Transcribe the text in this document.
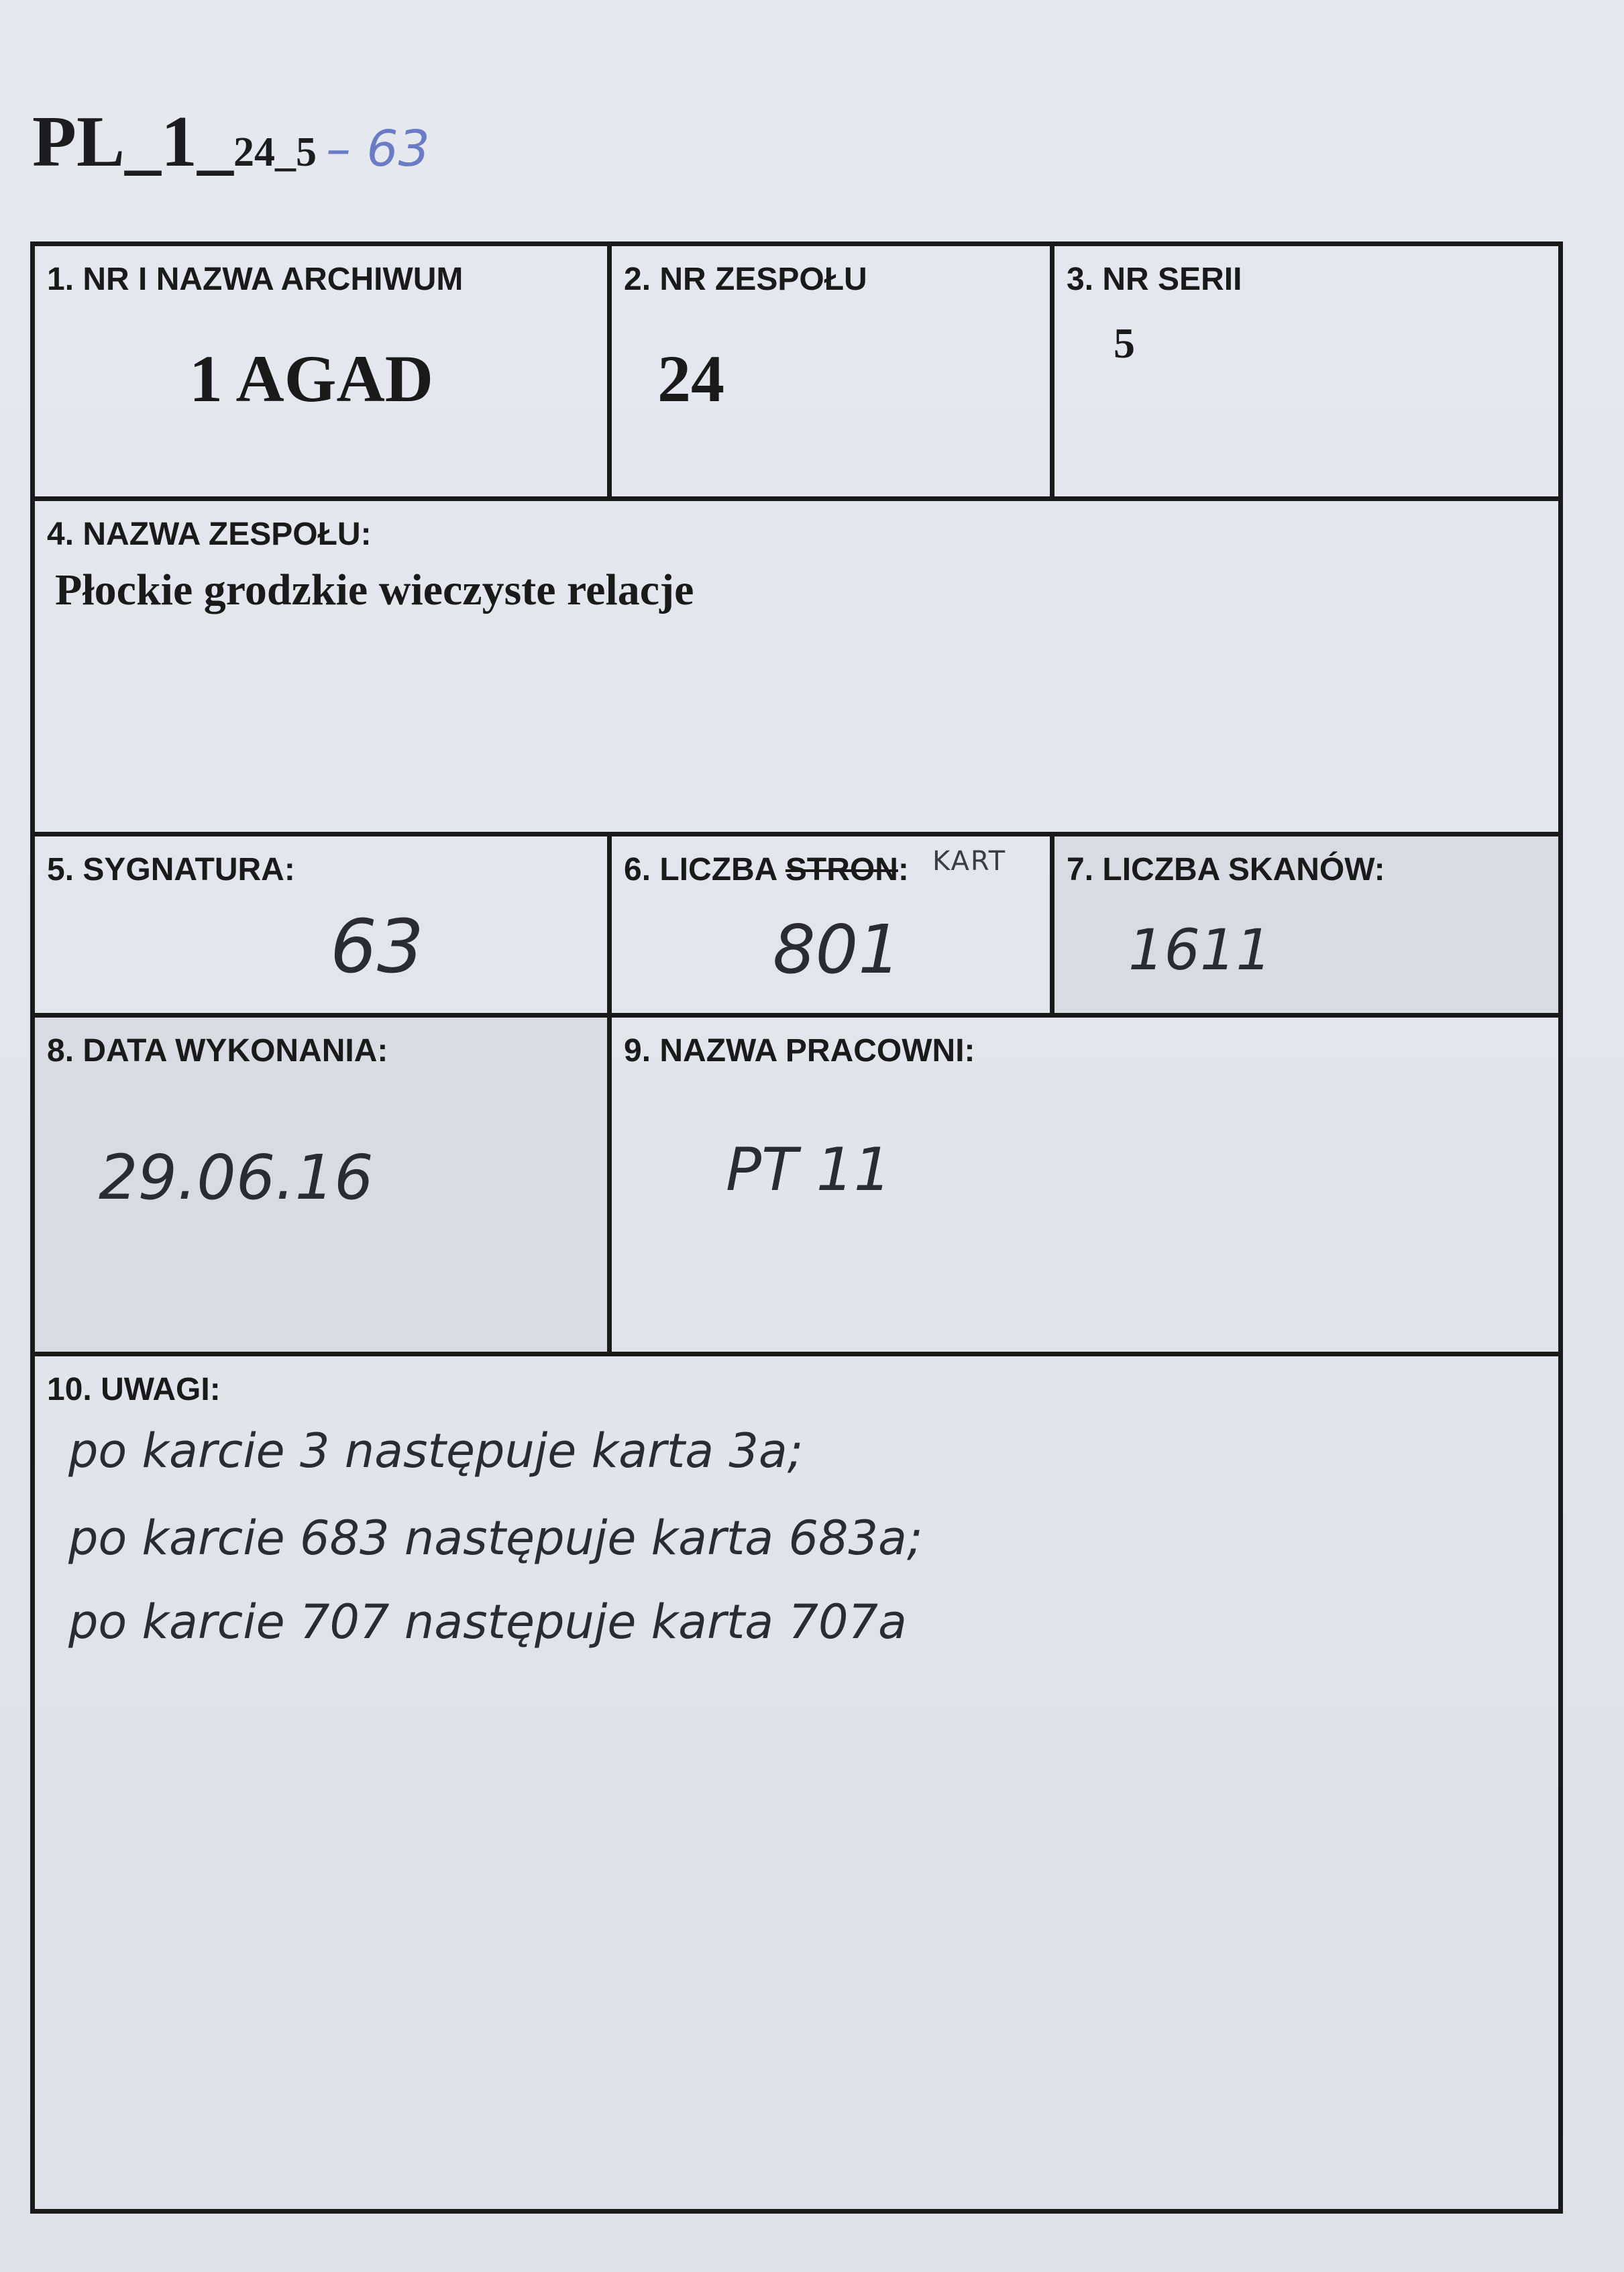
PL_1_24_5 – 63
1. NR I NAZWA ARCHIWUM
1 AGAD
2. NR ZESPOŁU
24
3. NR SERII
5
4. NAZWA ZESPOŁU:
Płockie grodzkie wieczyste relacje
5. SYGNATURA:
63
6. LICZBA STRON: KART
801
7. LICZBA SKANÓW:
1611
8. DATA WYKONANIA:
29.06.16
9. NAZWA PRACOWNI:
PT 11
10. UWAGI:
po karcie 3 następuje karta 3a;
po karcie 683 następuje karta 683a;
po karcie 707 następuje karta 707a
